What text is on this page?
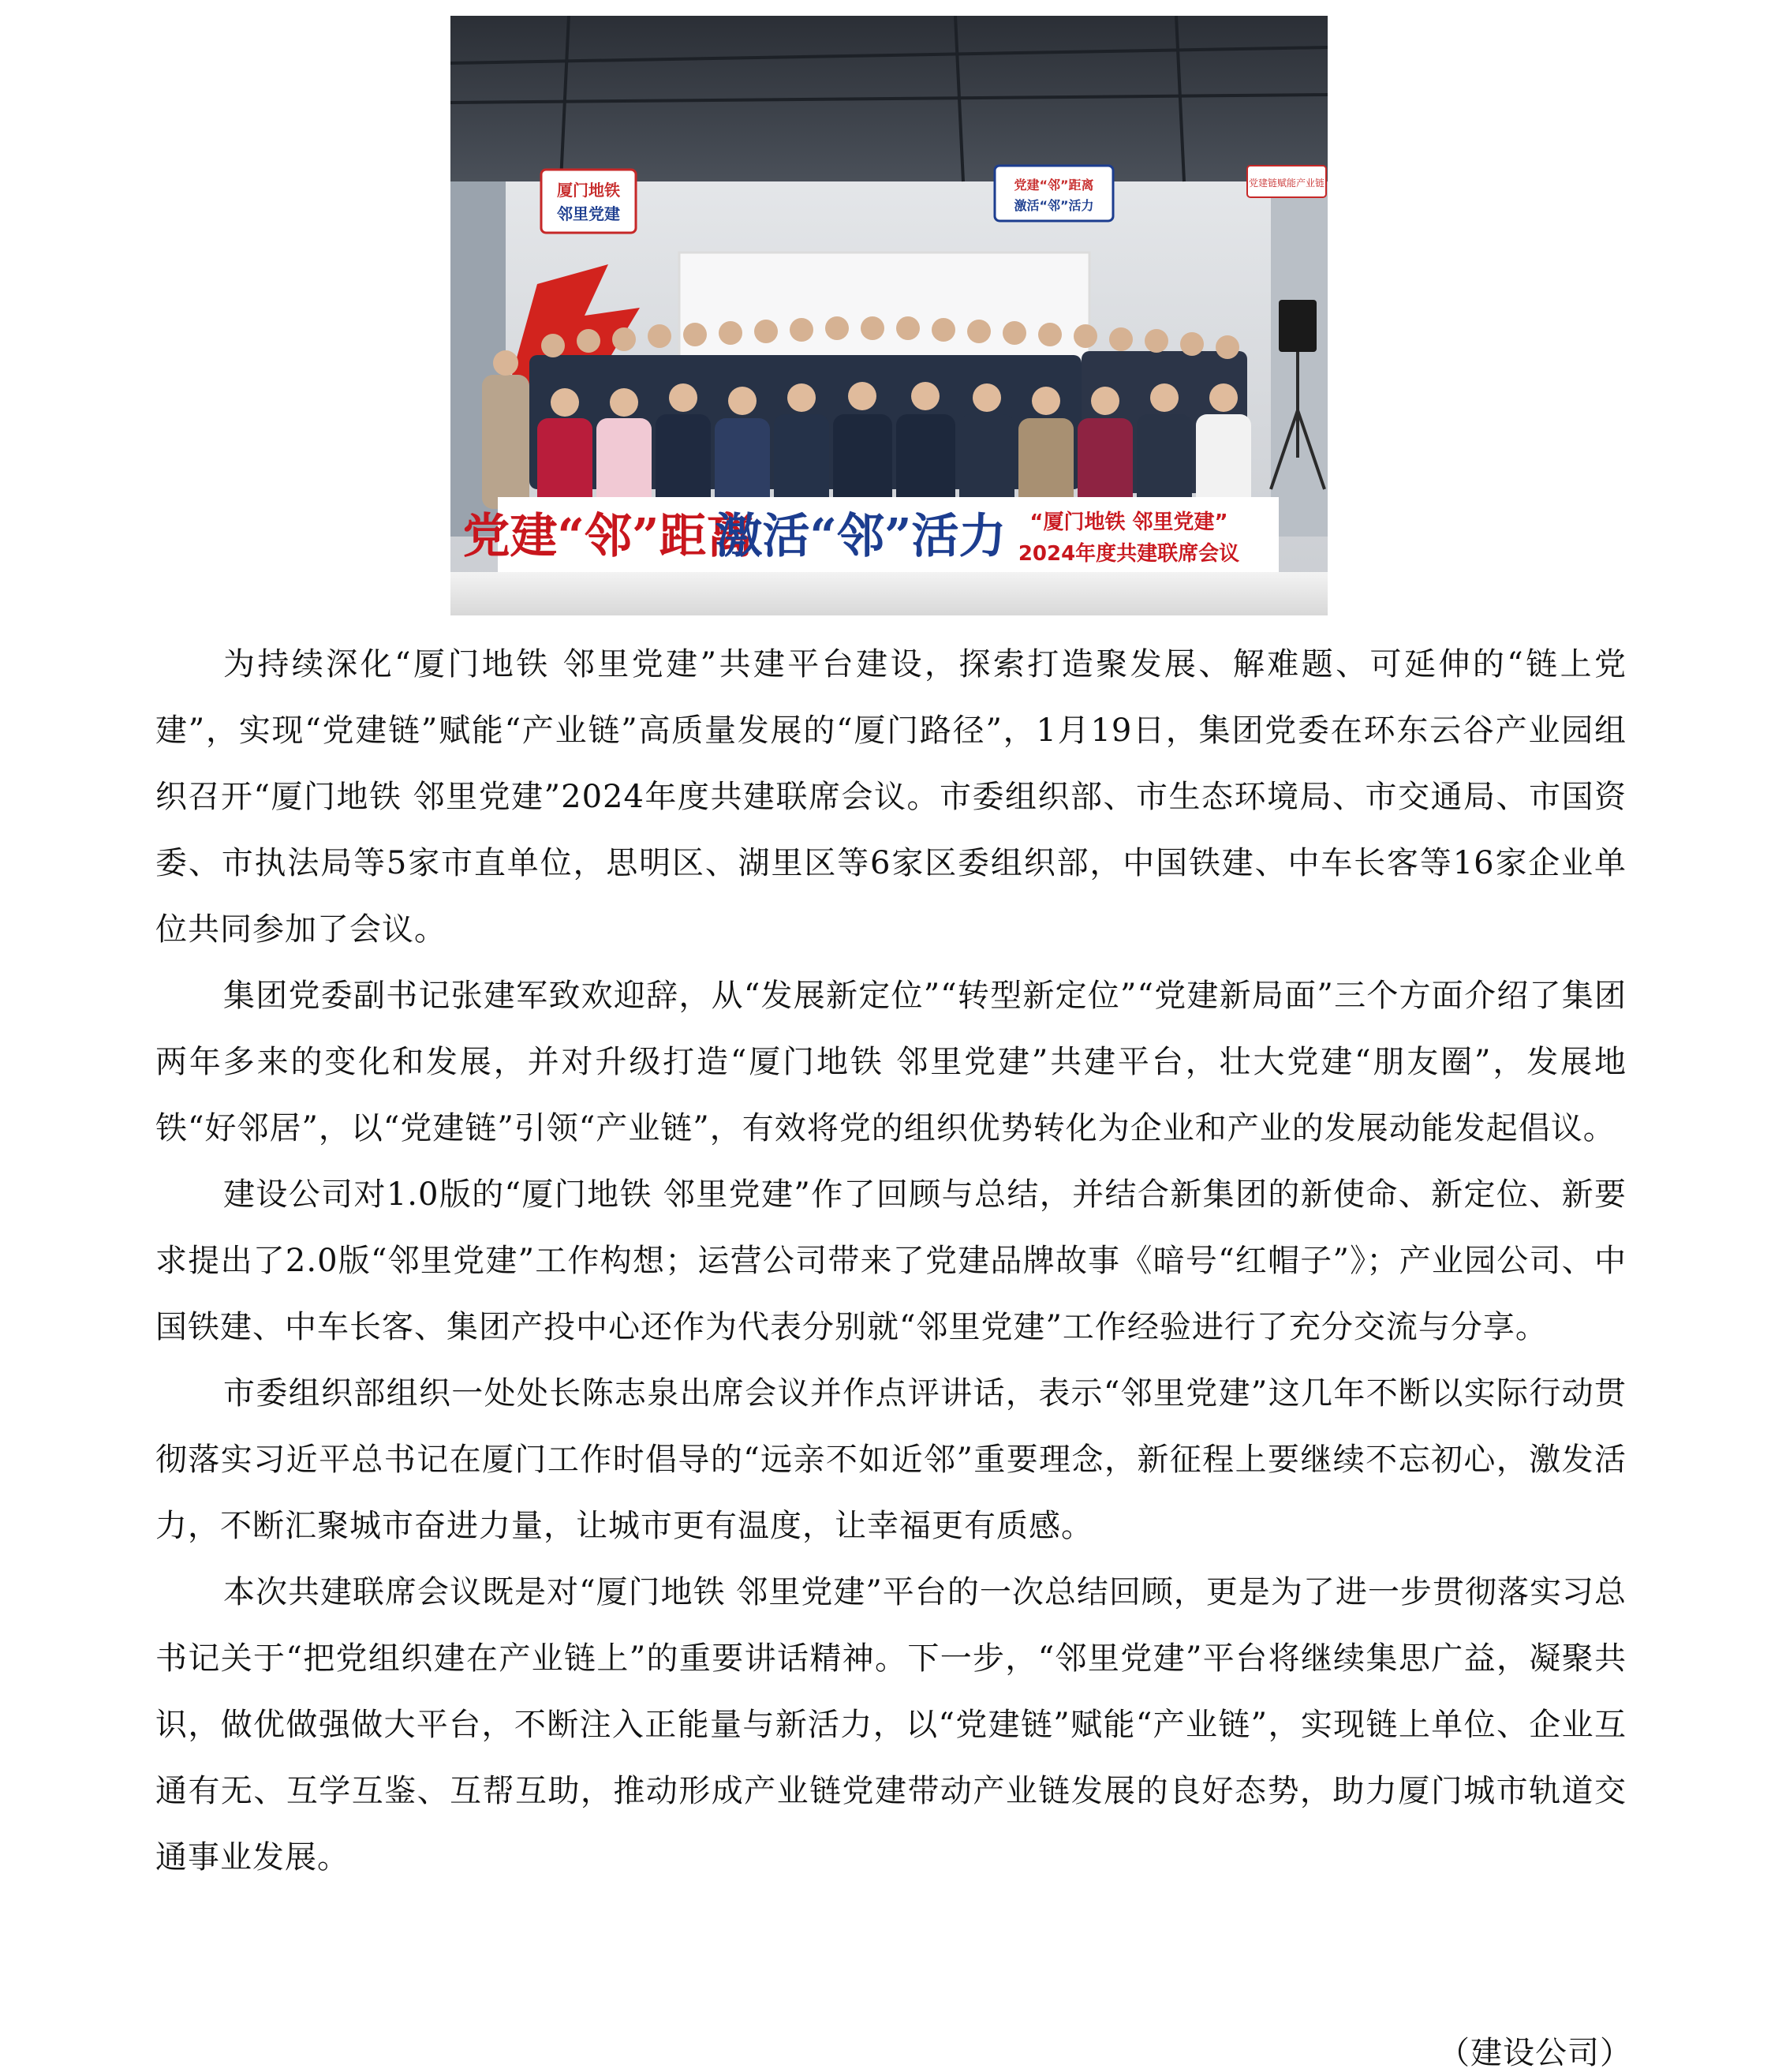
厦门地铁
邻里党建
党建“邻”距离
激活“邻”活力
党建链赋能产业链
党建“邻”距离
激活“邻”活力 “厦门地铁 邻里党建”
2024年度共建联席会议

为持续深化“厦门地铁 邻里党建”共建平台建设，探索打造聚发展、解难题、可延伸的“链上党建”，实现“党建链”赋能“产业链”高质量发展的“厦门路径”，1月19日，集团党委在环东云谷产业园组织召开“厦门地铁 邻里党建”2024年度共建联席会议。市委组织部、市生态环境局、市交通局、市国资委、市执法局等5家市直单位，思明区、湖里区等6家区委组织部，中国铁建、中车长客等16家企业单位共同参加了会议。

集团党委副书记张建军致欢迎辞，从“发展新定位”“转型新定位”“党建新局面”三个方面介绍了集团两年多来的变化和发展，并对升级打造“厦门地铁 邻里党建”共建平台，壮大党建“朋友圈”，发展地铁“好邻居”，以“党建链”引领“产业链”，有效将党的组织优势转化为企业和产业的发展动能发起倡议。

建设公司对1.0版的“厦门地铁 邻里党建”作了回顾与总结，并结合新集团的新使命、新定位、新要求提出了2.0版“邻里党建”工作构想；运营公司带来了党建品牌故事《暗号“红帽子”》；产业园公司、中国铁建、中车长客、集团产投中心还作为代表分别就“邻里党建”工作经验进行了充分交流与分享。

市委组织部组织一处处长陈志泉出席会议并作点评讲话，表示“邻里党建”这几年不断以实际行动贯彻落实习近平总书记在厦门工作时倡导的“远亲不如近邻”重要理念，新征程上要继续不忘初心，激发活力，不断汇聚城市奋进力量，让城市更有温度，让幸福更有质感。

本次共建联席会议既是对“厦门地铁 邻里党建”平台的一次总结回顾，更是为了进一步贯彻落实习总书记关于“把党组织建在产业链上”的重要讲话精神。下一步，“邻里党建”平台将继续集思广益，凝聚共识，做优做强做大平台，不断注入正能量与新活力，以“党建链”赋能“产业链”，实现链上单位、企业互通有无、互学互鉴、互帮互助，推动形成产业链党建带动产业链发展的良好态势，助力厦门城市轨道交通事业发展。

（建设公司）
